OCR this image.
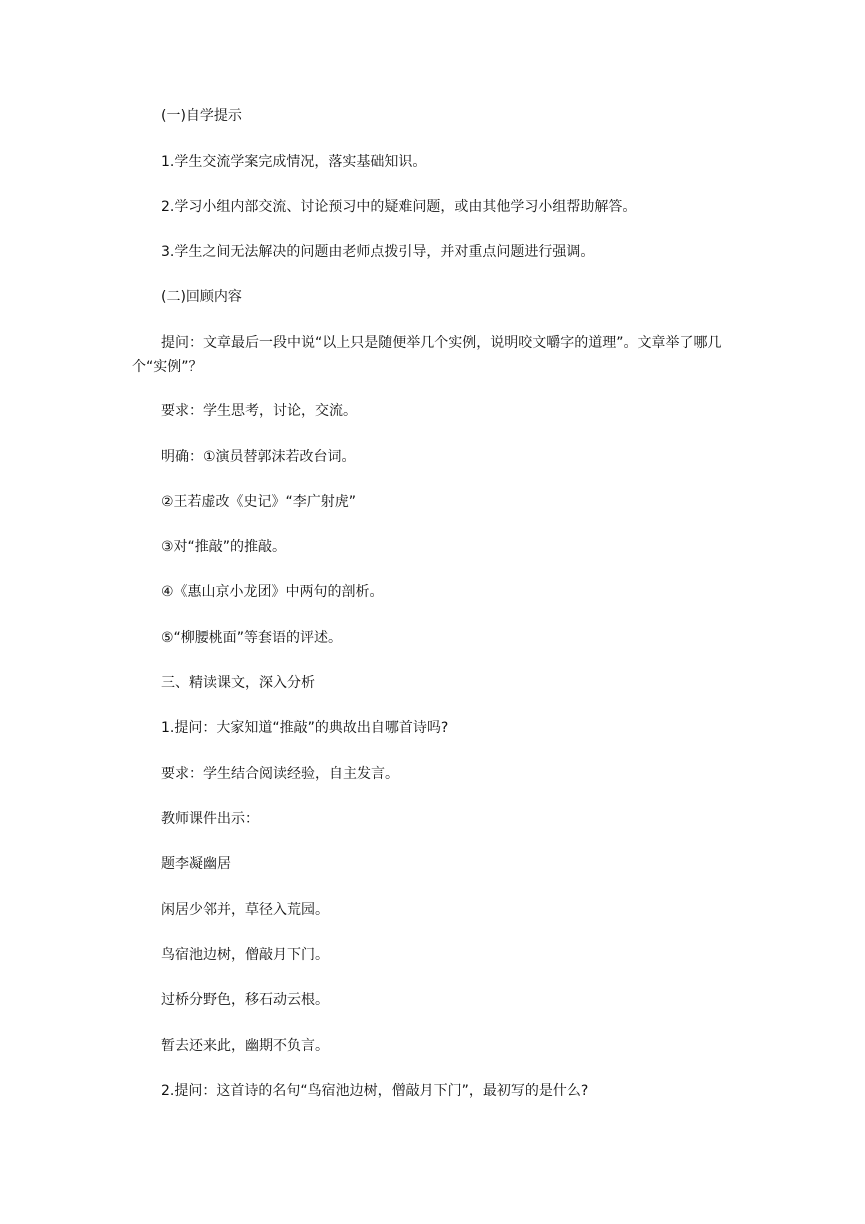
(一)自学提示
1.学生交流学案完成情况，落实基础知识。
2.学习小组内部交流、讨论预习中的疑难问题，或由其他学习小组帮助解答。
3.学生之间无法解决的问题由老师点拨引导，并对重点问题进行强调。
(二)回顾内容
提问：文章最后一段中说“以上只是随便举几个实例，说明咬文嚼字的道理”。文章举了哪几个“实例”？
要求：学生思考，讨论，交流。
明确：①演员替郭沫若改台词。
②王若虚改《史记》“李广射虎”
③对“推敲”的推敲。
④《惠山京小龙团》中两句的剖析。
⑤“柳腰桃面”等套语的评述。
三、精读课文，深入分析
1.提问：大家知道“推敲”的典故出自哪首诗吗?
要求：学生结合阅读经验，自主发言。
教师课件出示：
题李凝幽居
闲居少邻并，草径入荒园。
鸟宿池边树，僧敲月下门。
过桥分野色，移石动云根。
暂去还来此，幽期不负言。
2.提问：这首诗的名句“鸟宿池边树，僧敲月下门”，最初写的是什么?
